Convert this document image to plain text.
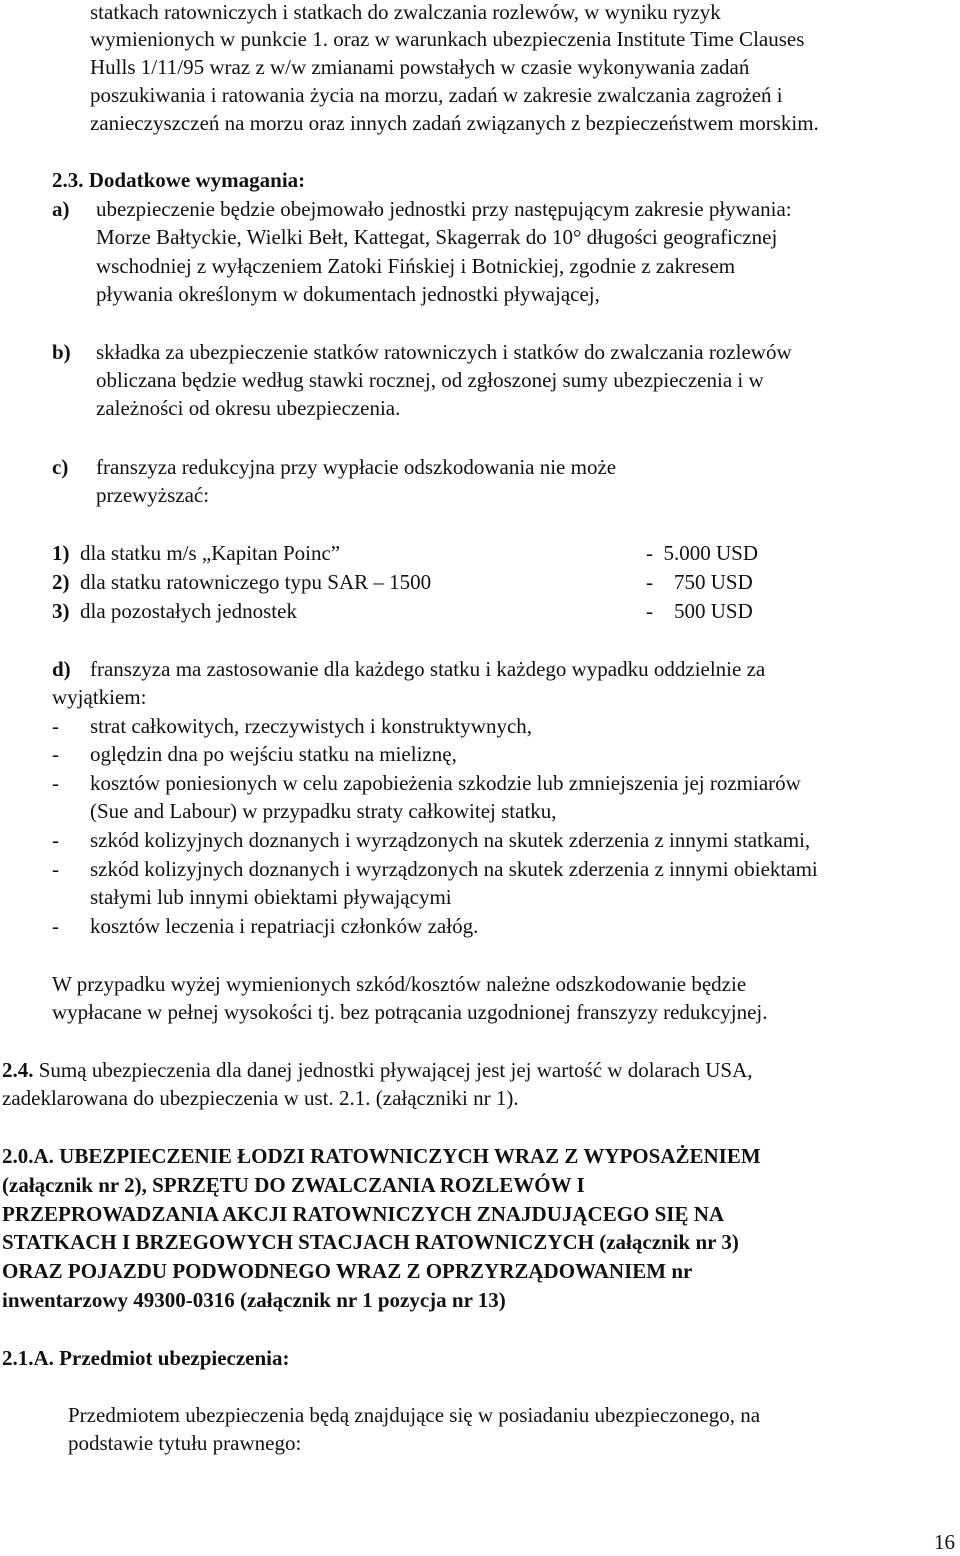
statkach ratowniczych i statkach do zwalczania rozlewów, w wyniku ryzyk
wymienionych w punkcie 1. oraz w warunkach ubezpieczenia Institute Time Clauses
Hulls 1/11/95 wraz z w/w zmianami powstałych w czasie wykonywania zadań
poszukiwania i ratowania życia na morzu, zadań w zakresie zwalczania zagrożeń i
zanieczyszczeń na morzu oraz innych zadań związanych z bezpieczeństwem morskim.
2.3. Dodatkowe wymagania:
a) ubezpieczenie będzie obejmowało jednostki przy następującym zakresie pływania:
Morze Bałtyckie, Wielki Bełt, Kattegat, Skagerrak do 10° długości geograficznej
wschodniej z wyłączeniem Zatoki Fińskiej i Botnickiej, zgodnie z zakresem
pływania określonym w dokumentach jednostki pływającej,
b) składka za ubezpieczenie statków ratowniczych i statków do zwalczania rozlewów
obliczana będzie według stawki rocznej, od zgłoszonej sumy ubezpieczenia i w
zależności od okresu ubezpieczenia.
c) franszyza redukcyjna przy wypłacie odszkodowania nie może
przewyższać:
1) dla statku m/s „Kapitan Poinc”	-  5.000 USD
2) dla statku ratowniczego typu SAR – 1500	-    750 USD
3) dla pozostałych jednostek	-    500 USD
d) franszyza ma zastosowanie dla każdego statku i każdego wypadku oddzielnie za
wyjątkiem:
- strat całkowitych, rzeczywistych i konstruktywnych,
- oględzin dna po wejściu statku na mieliznę,
- kosztów poniesionych w celu zapobieżenia szkodzie lub zmniejszenia jej rozmiarów
(Sue and Labour) w przypadku straty całkowitej statku,
- szkód kolizyjnych doznanych i wyrządzonych na skutek zderzenia z innymi statkami,
- szkód kolizyjnych doznanych i wyrządzonych na skutek zderzenia z innymi obiektami
stałymi lub innymi obiektami pływającymi
- kosztów leczenia i repatriacji członków załóg.
W przypadku wyżej wymienionych szkód/kosztów należne odszkodowanie będzie
wypłacane w pełnej wysokości tj. bez potrącania uzgodnionej franszyzy redukcyjnej.
2.4. Sumą ubezpieczenia dla danej jednostki pływającej jest jej wartość w dolarach USA,
zadeklarowana do ubezpieczenia w ust. 2.1. (załączniki nr 1).
2.0.A. UBEZPIECZENIE ŁODZI RATOWNICZYCH WRAZ Z WYPOSAŻENIEM
(załącznik nr 2), SPRZĘTU DO ZWALCZANIA ROZLEWÓW I
PRZEPROWADZANIA AKCJI RATOWNICZYCH ZNAJDUJĄCEGO SIĘ NA
STATKACH I BRZEGOWYCH STACJACH RATOWNICZYCH (załącznik nr 3)
ORAZ POJAZDU PODWODNEGO WRAZ Z OPRZYRZĄDOWANIEM nr
inwentarzowy 49300-0316 (załącznik nr 1 pozycja nr 13)
2.1.A. Przedmiot ubezpieczenia:
Przedmiotem ubezpieczenia będą znajdujące się w posiadaniu ubezpieczonego, na
podstawie tytułu prawnego:
16
